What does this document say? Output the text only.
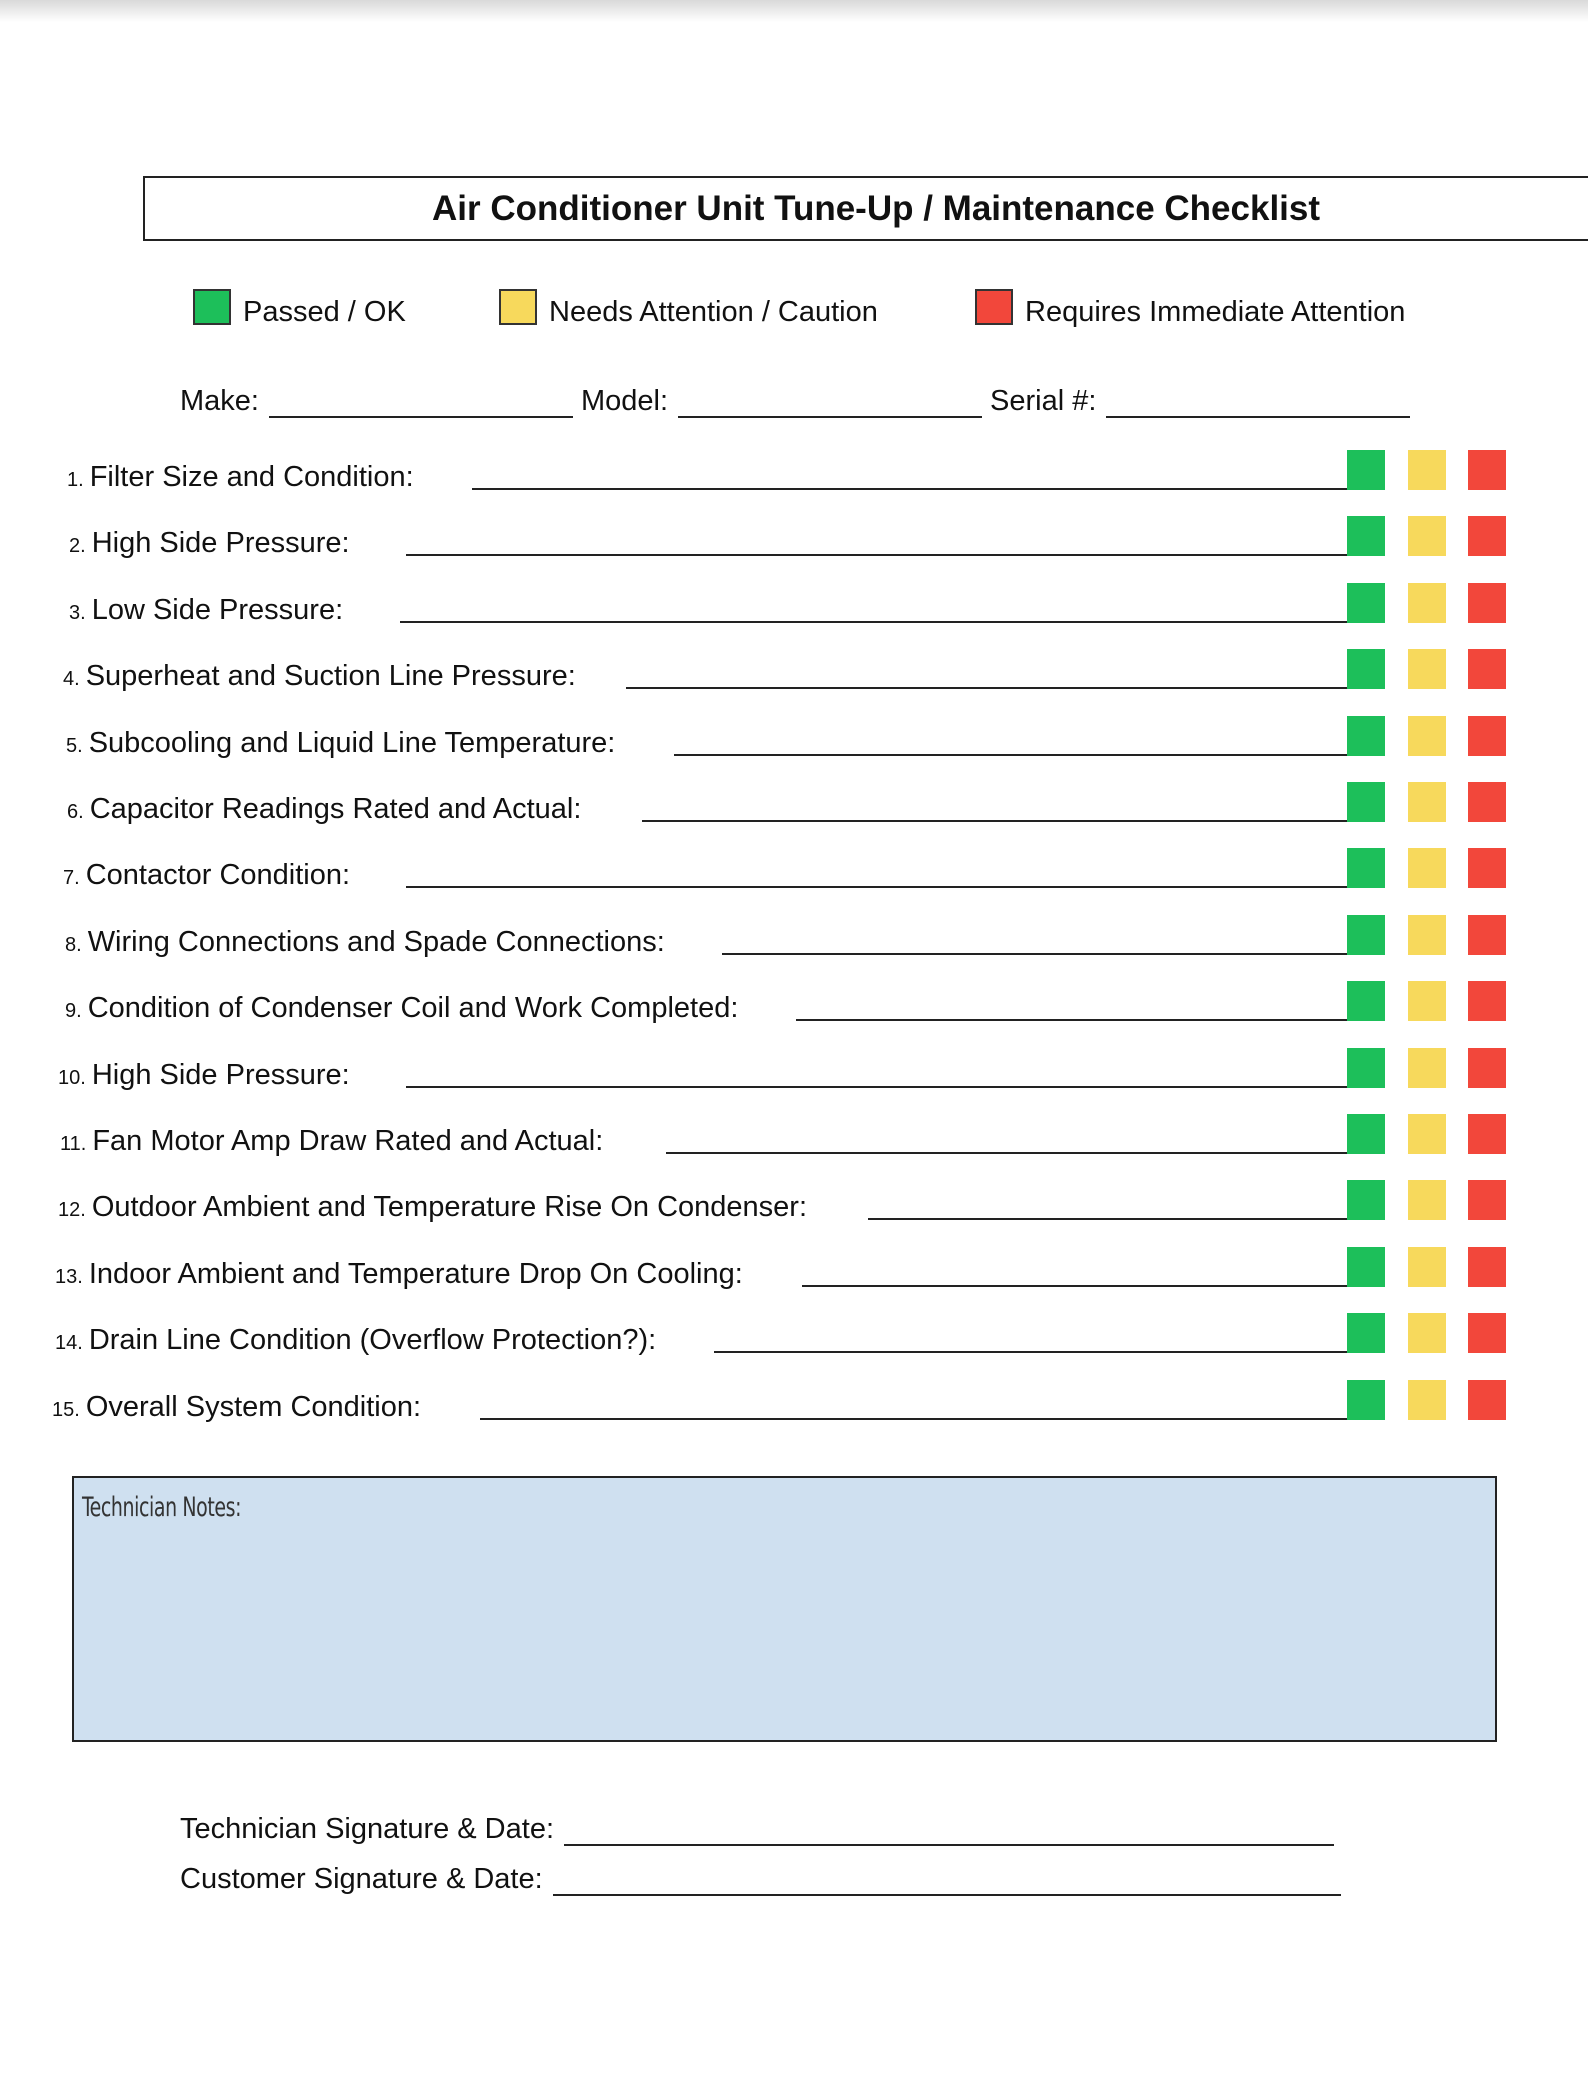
Air Conditioner Unit Tune-Up / Maintenance Checklist
Passed / OK	Needs Attention / Caution	Requires Immediate Attention
Make:	Model:	Serial #:
1. Filter Size and Condition:
2. High Side Pressure:
3. Low Side Pressure:
4. Superheat and Suction Line Pressure:
5. Subcooling and Liquid Line Temperature:
6. Capacitor Readings Rated and Actual:
7. Contactor Condition:
8. Wiring Connections and Spade Connections:
9. Condition of Condenser Coil and Work Completed:
10. High Side Pressure:
11. Fan Motor Amp Draw Rated and Actual:
12. Outdoor Ambient and Temperature Rise On Condenser:
13. Indoor Ambient and Temperature Drop On Cooling:
14. Drain Line Condition (Overflow Protection?):
15. Overall System Condition:
Technician Notes:
Technician Signature & Date:
Customer Signature & Date:
